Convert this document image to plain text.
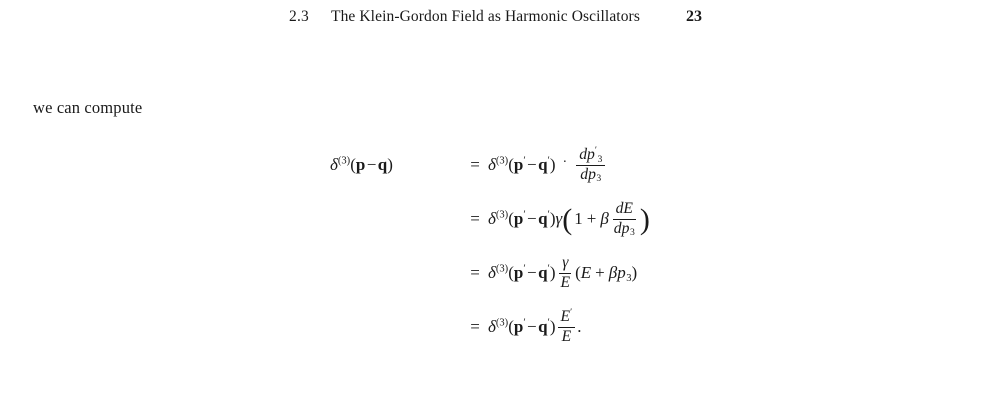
2.3 The Klein-Gordon Field as Harmonic Oscillators	23
we can compute
$\delta^{(3)}(p$ − q)	= $\delta^{(3)}(p'$ − $q') \cdot \frac{dp'_3}{dp_3}$
= $\delta^{(3)}(p'$ − q′)γ ( 1 + β $\frac{dE}{dp_3}$ )
= $\delta^{(3)}(p'$ − $q') \frac{\gamma}{E} (E + \beta p_3)$
= $\delta^{(3)}(p'$ − $q') \frac{E'}{E}$ .
